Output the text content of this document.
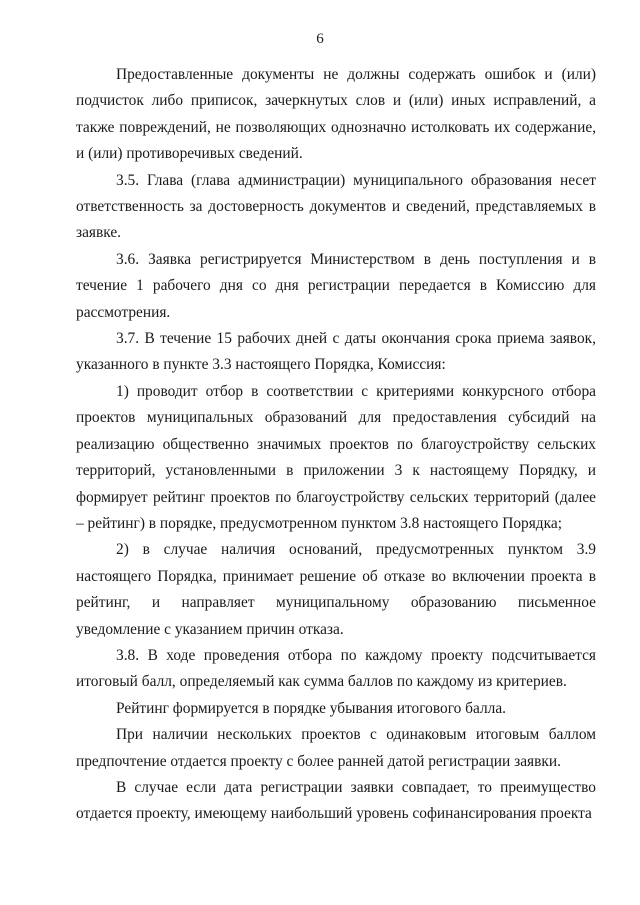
6

Предоставленные документы не должны содержать ошибок и (или) подчисток либо приписок, зачеркнутых слов и (или) иных исправлений, а также повреждений, не позволяющих однозначно истолковать их содержание, и (или) противоречивых сведений.

3.5. Глава (глава администрации) муниципального образования несет ответственность за достоверность документов и сведений, представляемых в заявке.

3.6. Заявка регистрируется Министерством в день поступления и в течение 1 рабочего дня со дня регистрации передается в Комиссию для рассмотрения.

3.7. В течение 15 рабочих дней с даты окончания срока приема заявок, указанного в пункте 3.3 настоящего Порядка, Комиссия:

1) проводит отбор в соответствии с критериями конкурсного отбора проектов муниципальных образований для предоставления субсидий на реализацию общественно значимых проектов по благоустройству сельских территорий, установленными в приложении 3 к настоящему Порядку, и формирует рейтинг проектов по благоустройству сельских территорий (далее – рейтинг) в порядке, предусмотренном пунктом 3.8 настоящего Порядка;

2) в случае наличия оснований, предусмотренных пунктом 3.9 настоящего Порядка, принимает решение об отказе во включении проекта в рейтинг, и направляет муниципальному образованию письменное уведомление с указанием причин отказа.

3.8. В ходе проведения отбора по каждому проекту подсчитывается итоговый балл, определяемый как сумма баллов по каждому из критериев.

Рейтинг формируется в порядке убывания итогового балла.

При наличии нескольких проектов с одинаковым итоговым баллом предпочтение отдается проекту с более ранней датой регистрации заявки.

В случае если дата регистрации заявки совпадает, то преимущество отдается проекту, имеющему наибольший уровень софинансирования проекта
